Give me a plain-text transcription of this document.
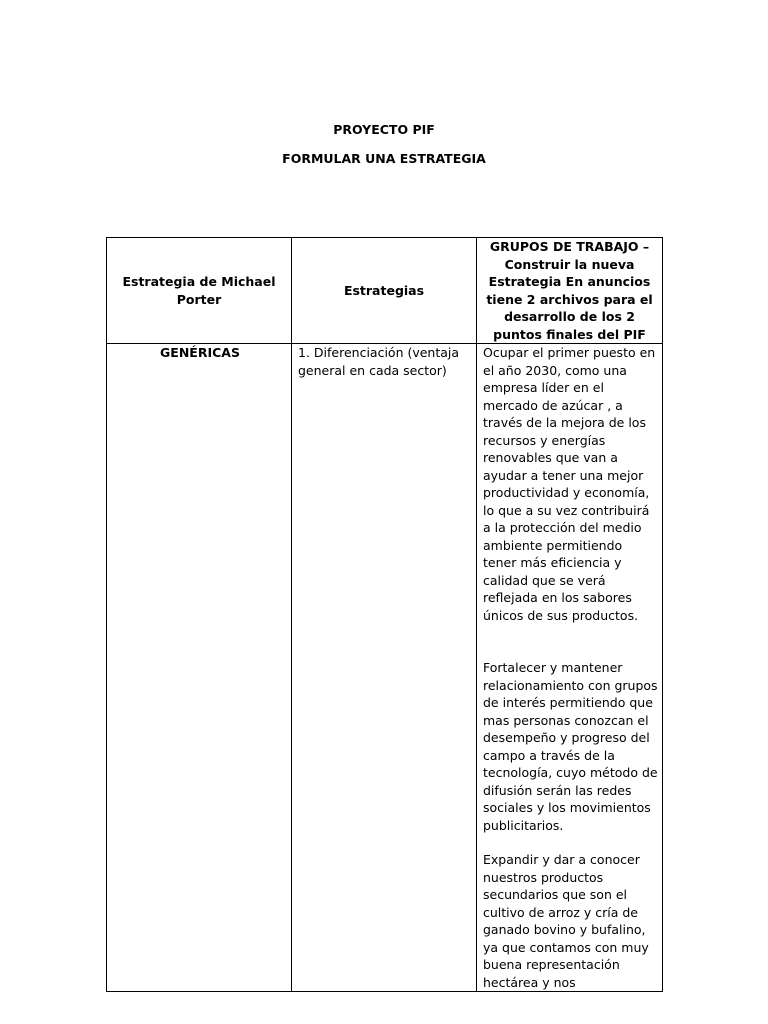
PROYECTO PIF
FORMULAR UNA ESTRATEGIA
Estrategia de Michael Porter	Estrategias	GRUPOS DE TRABAJO – Construir la nueva Estrategia En anuncios tiene 2 archivos para el desarrollo de los 2 puntos finales del PIF
GENÉRICAS	1. Diferenciación (ventaja general en cada sector)	Ocupar el primer puesto en el año 2030, como una empresa líder en el mercado de azúcar , a través de la mejora de los recursos y energías renovables que van a ayudar a tener una mejor productividad y economía, lo que a su vez contribuirá a la protección del medio ambiente permitiendo tener más eficiencia y calidad que se verá reflejada en los sabores únicos de sus productos.

Fortalecer y mantener relacionamiento con grupos de interés permitiendo que mas personas conozcan el desempeño y progreso del campo a través de la tecnología, cuyo método de difusión serán las redes sociales y los movimientos publicitarios.

Expandir y dar a conocer nuestros productos secundarios que son el cultivo de arroz y cría de ganado bovino y bufalino, ya que contamos con muy buena representación hectárea y nos
